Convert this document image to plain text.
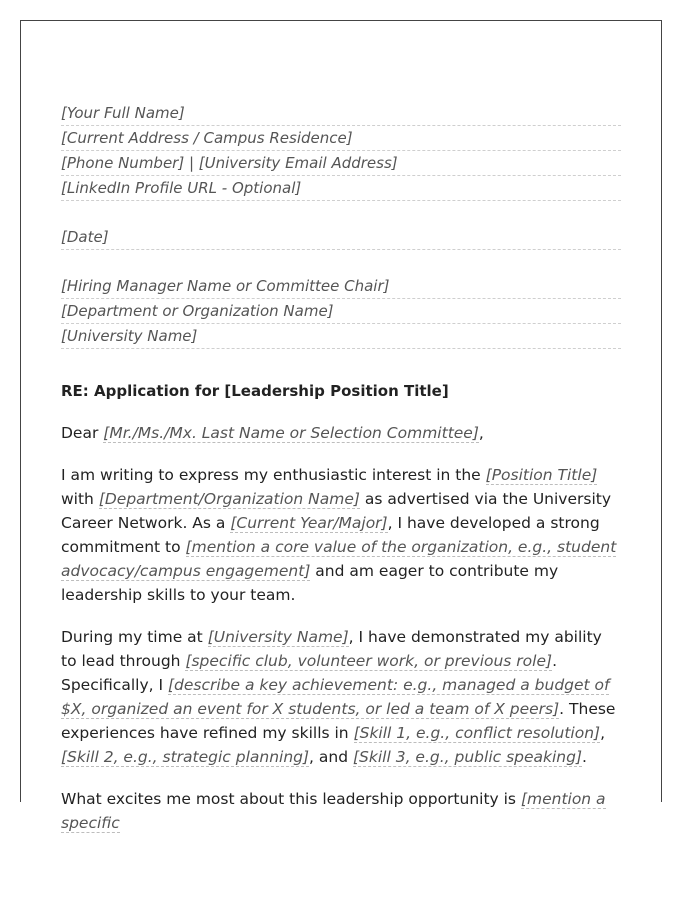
[Your Full Name]
[Current Address / Campus Residence]
[Phone Number] | [University Email Address]
[LinkedIn Profile URL - Optional]
[Date]
[Hiring Manager Name or Committee Chair]
[Department or Organization Name]
[University Name]
RE: Application for [Leadership Position Title]

Dear [Mr./Ms./Mx. Last Name or Selection Committee],

I am writing to express my enthusiastic interest in the [Position Title] with [Department/Organization Name] as advertised via the University Career Network. As a [Current Year/Major], I have developed a strong commitment to [mention a core value of the organization, e.g., student advocacy/campus engagement] and am eager to contribute my leadership skills to your team.

During my time at [University Name], I have demonstrated my ability to lead through [specific club, volunteer work, or previous role]. Specifically, I [describe a key achievement: e.g., managed a budget of $X, organized an event for X students, or led a team of X peers]. These experiences have refined my skills in [Skill 1, e.g., conflict resolution], [Skill 2, e.g., strategic planning], and [Skill 3, e.g., public speaking].

What excites me most about this leadership opportunity is [mention a specific
